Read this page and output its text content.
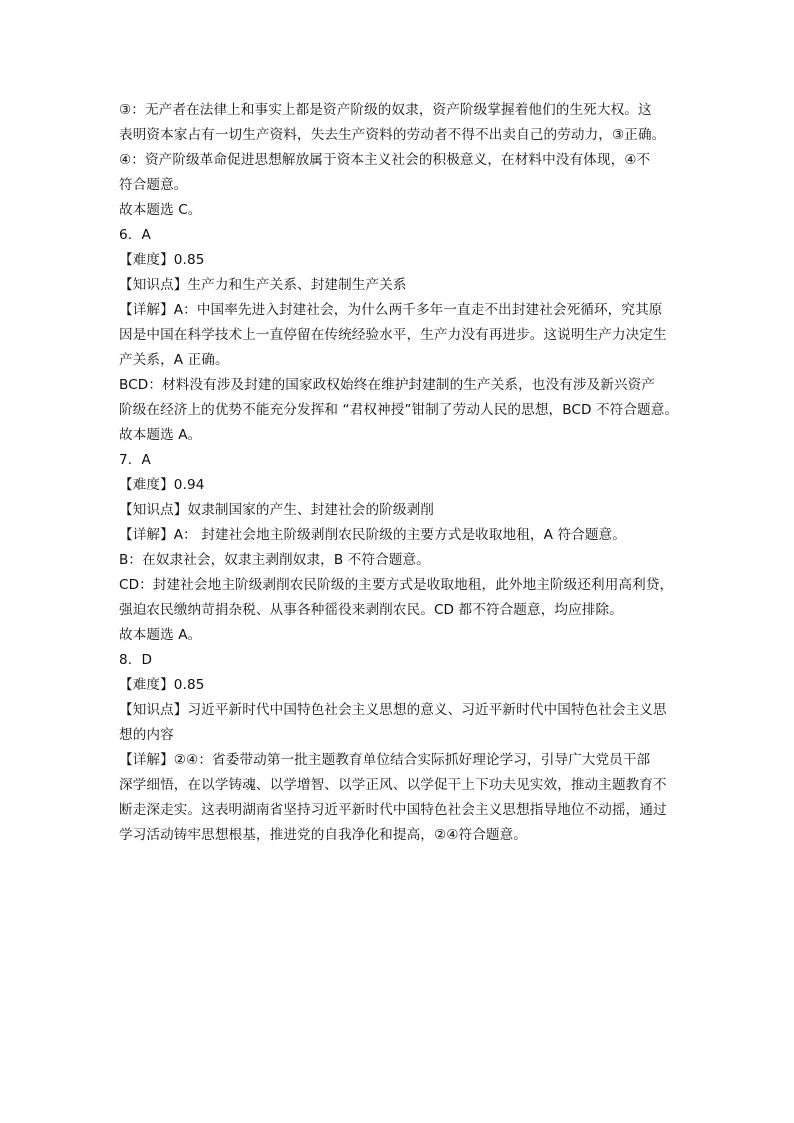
③：无产者在法律上和事实上都是资产阶级的奴隶，资产阶级掌握着他们的生死大权。这
表明资本家占有一切生产资料，失去生产资料的劳动者不得不出卖自己的劳动力，③正确。
④：资产阶级革命促进思想解放属于资本主义社会的积极意义，在材料中没有体现，④不
符合题意。
故本题选 C。
6．A
【难度】0.85
【知识点】生产力和生产关系、封建制生产关系
【详解】A：中国率先进入封建社会，为什么两千多年一直走不出封建社会死循环，究其原
因是中国在科学技术上一直停留在传统经验水平，生产力没有再进步。这说明生产力决定生
产关系，A 正确。
BCD：材料没有涉及封建的国家政权始终在维护封建制的生产关系，也没有涉及新兴资产
阶级在经济上的优势不能充分发挥和 “君权神授”钳制了劳动人民的思想，BCD 不符合题意。
故本题选 A。
7．A
【难度】0.94
【知识点】奴隶制国家的产生、封建社会的阶级剥削
【详解】A： 封建社会地主阶级剥削农民阶级的主要方式是收取地租，A 符合题意。
B：在奴隶社会，奴隶主剥削奴隶，B 不符合题意。
CD：封建社会地主阶级剥削农民阶级的主要方式是收取地租，此外地主阶级还利用高利贷，
强迫农民缴纳苛捐杂税、从事各种徭役来剥削农民。CD 都不符合题意，均应排除。
故本题选 A。
8．D
【难度】0.85
【知识点】习近平新时代中国特色社会主义思想的意义、习近平新时代中国特色社会主义思
想的内容
【详解】②④：省委带动第一批主题教育单位结合实际抓好理论学习，引导广大党员干部
深学细悟，在以学铸魂、以学增智、以学正风、以学促干上下功夫见实效，推动主题教育不
断走深走实。这表明湖南省坚持习近平新时代中国特色社会主义思想指导地位不动摇，通过
学习活动铸牢思想根基，推进党的自我净化和提高，②④符合题意。
